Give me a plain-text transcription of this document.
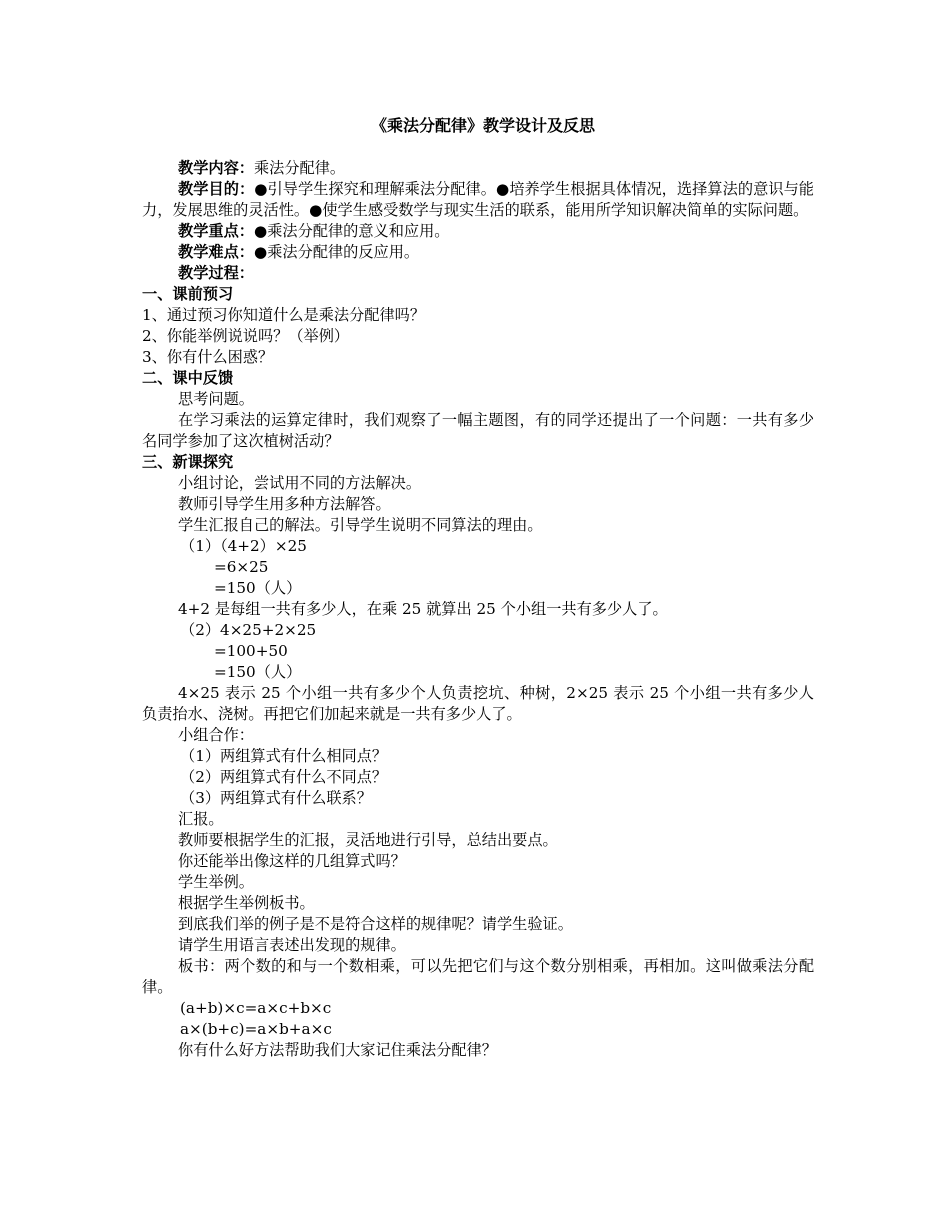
《乘法分配律》教学设计及反思
教学内容：乘法分配律。
教学目的：●引导学生探究和理解乘法分配律。●培养学生根据具体情况，选择算法的意识与能力，发展思维的灵活性。●使学生感受数学与现实生活的联系，能用所学知识解决简单的实际问题。
教学重点：●乘法分配律的意义和应用。
教学难点：●乘法分配律的反应用。
教学过程：
一、课前预习
1、通过预习你知道什么是乘法分配律吗？
2、你能举例说说吗？（举例）
3、你有什么困惑？
二、课中反馈
思考问题。
在学习乘法的运算定律时，我们观察了一幅主题图，有的同学还提出了一个问题：一共有多少名同学参加了这次植树活动？
三、新课探究
小组讨论，尝试用不同的方法解决。
教师引导学生用多种方法解答。
学生汇报自己的解法。引导学生说明不同算法的理由。
（1）（4+2）×25
=6×25
=150（人）
4+2 是每组一共有多少人，在乘 25 就算出 25 个小组一共有多少人了。
（2）4×25+2×25
=100+50
=150（人）
4×25 表示 25 个小组一共有多少个人负责挖坑、种树，2×25 表示 25 个小组一共有多少人负责抬水、浇树。再把它们加起来就是一共有多少人了。
小组合作：
（1）两组算式有什么相同点？
（2）两组算式有什么不同点？
（3）两组算式有什么联系？
汇报。
教师要根据学生的汇报，灵活地进行引导，总结出要点。
你还能举出像这样的几组算式吗？
学生举例。
根据学生举例板书。
到底我们举的例子是不是符合这样的规律呢？请学生验证。
请学生用语言表述出发现的规律。
板书：两个数的和与一个数相乘，可以先把它们与这个数分别相乘，再相加。这叫做乘法分配律。
(a+b)×c=a×c+b×c
a×(b+c)=a×b+a×c
你有什么好方法帮助我们大家记住乘法分配律？
